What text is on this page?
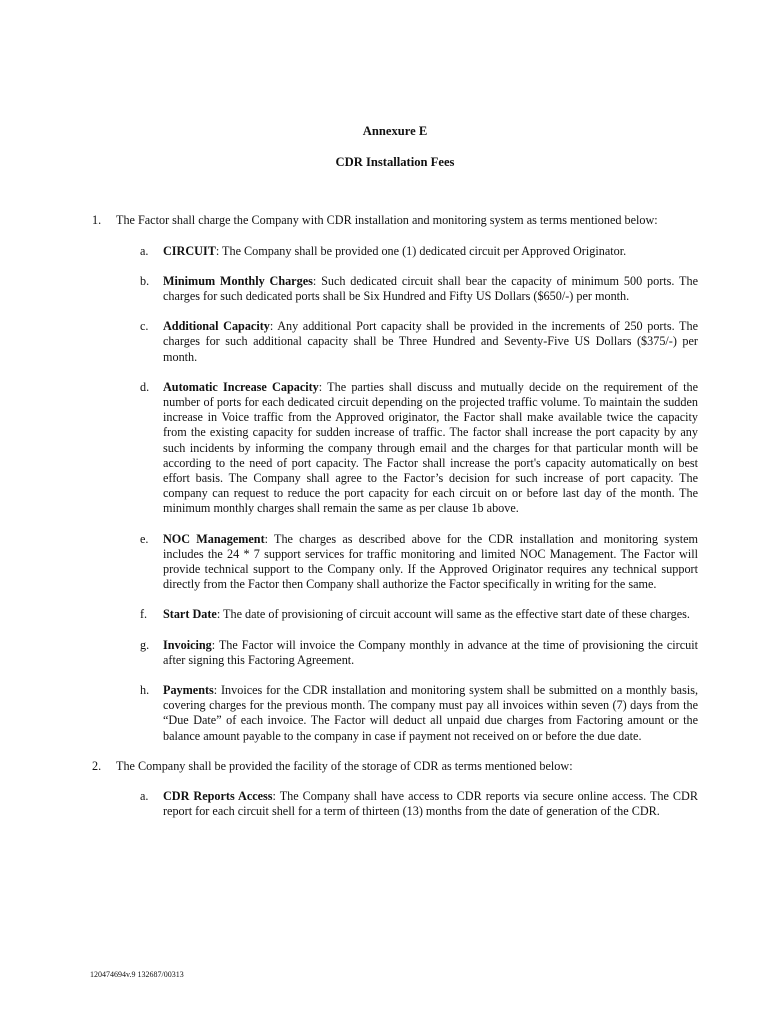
Annexure E

CDR Installation Fees

1. The Factor shall charge the Company with CDR installation and monitoring system as terms mentioned below:
a. CIRCUIT: The Company shall be provided one (1) dedicated circuit per Approved Originator.
b. Minimum Monthly Charges: Such dedicated circuit shall bear the capacity of minimum 500 ports. The charges for such dedicated ports shall be Six Hundred and Fifty US Dollars ($650/-) per month.
c. Additional Capacity: Any additional Port capacity shall be provided in the increments of 250 ports. The charges for such additional capacity shall be Three Hundred and Seventy-Five US Dollars ($375/-) per month.
d. Automatic Increase Capacity: The parties shall discuss and mutually decide on the requirement of the number of ports for each dedicated circuit depending on the projected traffic volume. To maintain the sudden increase in Voice traffic from the Approved originator, the Factor shall make available twice the capacity from the existing capacity for sudden increase of traffic. The factor shall increase the port capacity by any such incidents by informing the company through email and the charges for that particular month will be according to the need of port capacity. The Factor shall increase the port's capacity automatically on best effort basis. The Company shall agree to the Factor’s decision for such increase of port capacity. The company can request to reduce the port capacity for each circuit on or before last day of the month. The minimum monthly charges shall remain the same as per clause 1b above.
e. NOC Management: The charges as described above for the CDR installation and monitoring system includes the 24 * 7 support services for traffic monitoring and limited NOC Management. The Factor will provide technical support to the Company only. If the Approved Originator requires any technical support directly from the Factor then Company shall authorize the Factor specifically in writing for the same.
f. Start Date: The date of provisioning of circuit account will same as the effective start date of these charges.
g. Invoicing: The Factor will invoice the Company monthly in advance at the time of provisioning the circuit after signing this Factoring Agreement.
h. Payments: Invoices for the CDR installation and monitoring system shall be submitted on a monthly basis, covering charges for the previous month. The company must pay all invoices within seven (7) days from the “Due Date” of each invoice. The Factor will deduct all unpaid due charges from Factoring amount or the balance amount payable to the company in case if payment not received on or before the due date.
2. The Company shall be provided the facility of the storage of CDR as terms mentioned below:
a. CDR Reports Access: The Company shall have access to CDR reports via secure online access. The CDR report for each circuit shell for a term of thirteen (13) months from the date of generation of the CDR.
120474694v.9 132687/00313
